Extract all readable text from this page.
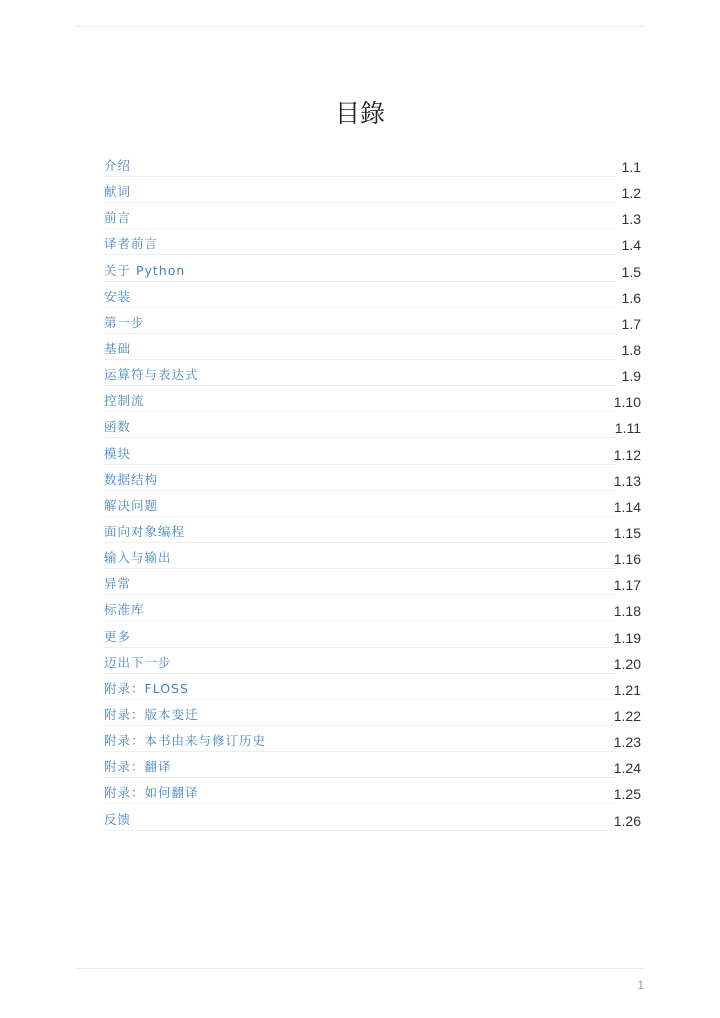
目錄
介绍	1.1
献词	1.2
前言	1.3
译者前言	1.4
关于 Python	1.5
安装	1.6
第一步	1.7
基础	1.8
运算符与表达式	1.9
控制流	1.10
函数	1.11
模块	1.12
数据结构	1.13
解决问题	1.14
面向对象编程	1.15
输入与输出	1.16
异常	1.17
标准库	1.18
更多	1.19
迈出下一步	1.20
附录：FLOSS	1.21
附录：版本变迁	1.22
附录：本书由来与修订历史	1.23
附录：翻译	1.24
附录：如何翻译	1.25
反馈	1.26
1
